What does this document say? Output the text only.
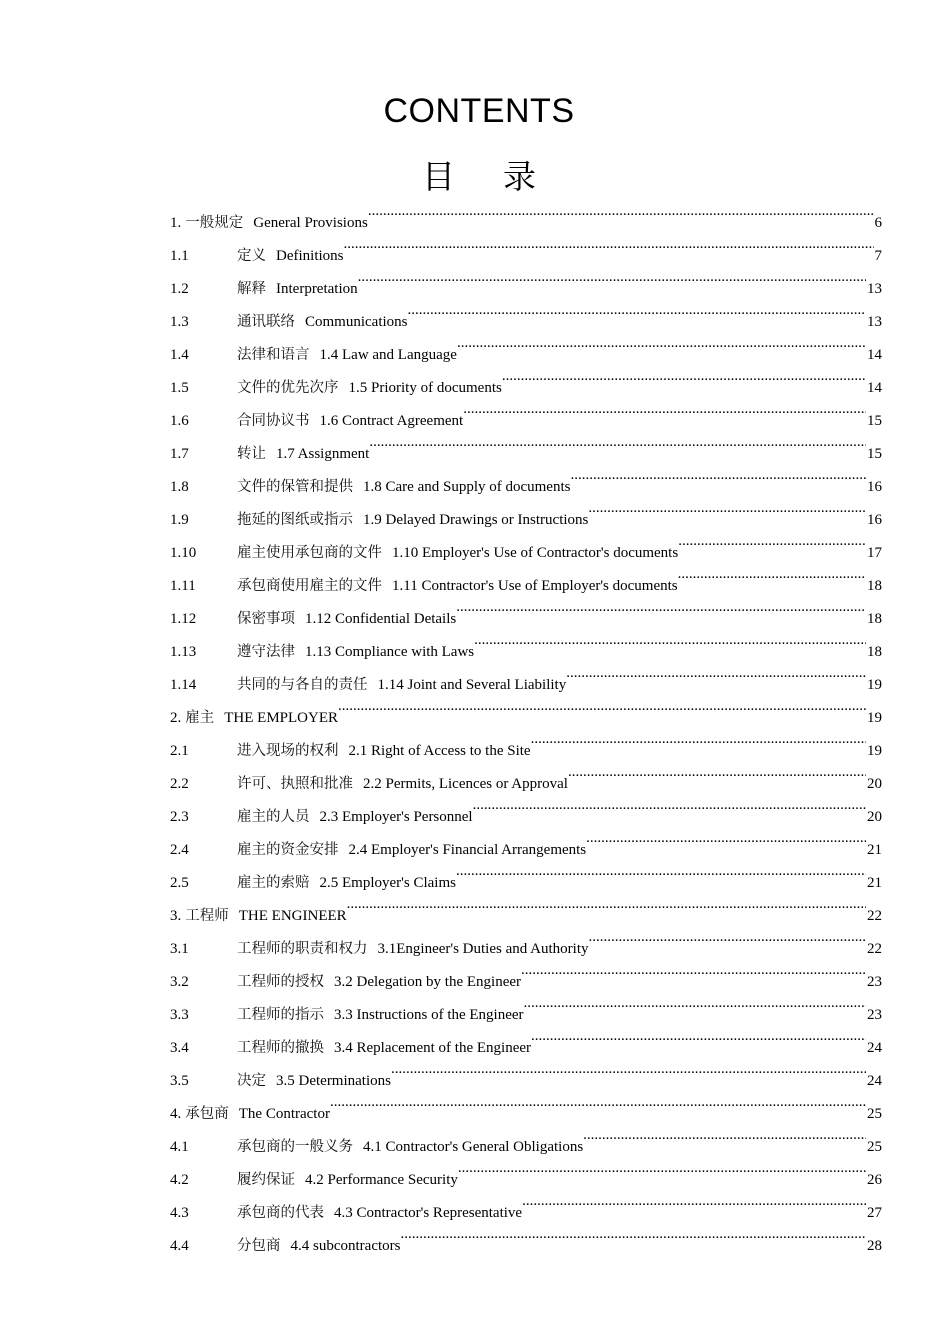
CONTENTS
目录
1. 一般规定 General Provisions .....	6
1.1	定义 Definitions .....	7
1.2	解释 Interpretation .....	13
1.3	通讯联络 Communications .....	13
1.4	法律和语言 1.4 Law and Language .....	14
1.5	文件的优先次序 1.5 Priority of documents .....	14
1.6	合同协议书 1.6 Contract Agreement .....	15
1.7	转让 1.7 Assignment .....	15
1.8	文件的保管和提供 1.8 Care and Supply of documents .....	16
1.9	拖延的图纸或指示 1.9 Delayed Drawings or Instructions .....	16
1.10	雇主使用承包商的文件 1.10 Employer's Use of Contractor's documents .....	17
1.11	承包商使用雇主的文件 1.11 Contractor's Use of Employer's documents .....	18
1.12	保密事项 1.12 Confidential Details .....	18
1.13	遵守法律 1.13 Compliance with Laws .....	18
1.14	共同的与各自的责任 1.14 Joint and Several Liability .....	19
2. 雇主 THE EMPLOYER .....	19
2.1	进入现场的权利 2.1 Right of Access to the Site .....	19
2.2	许可、执照和批准 2.2 Permits, Licences or Approval .....	20
2.3	雇主的人员 2.3 Employer's Personnel .....	20
2.4	雇主的资金安排 2.4 Employer's Financial Arrangements .....	21
2.5	雇主的索赔 2.5 Employer's Claims .....	21
3. 工程师 THE ENGINEER .....	22
3.1	工程师的职责和权力 3.1Engineer's Duties and Authority .....	22
3.2	工程师的授权 3.2 Delegation by the Engineer .....	23
3.3	工程师的指示 3.3 Instructions of the Engineer .....	23
3.4	工程师的撤换 3.4 Replacement of the Engineer .....	24
3.5	决定 3.5 Determinations .....	24
4. 承包商 The Contractor .....	25
4.1	承包商的一般义务 4.1 Contractor's General Obligations .....	25
4.2	履约保证 4.2 Performance Security .....	26
4.3	承包商的代表 4.3 Contractor's Representative .....	27
4.4	分包商 4.4 subcontractors .....	28
